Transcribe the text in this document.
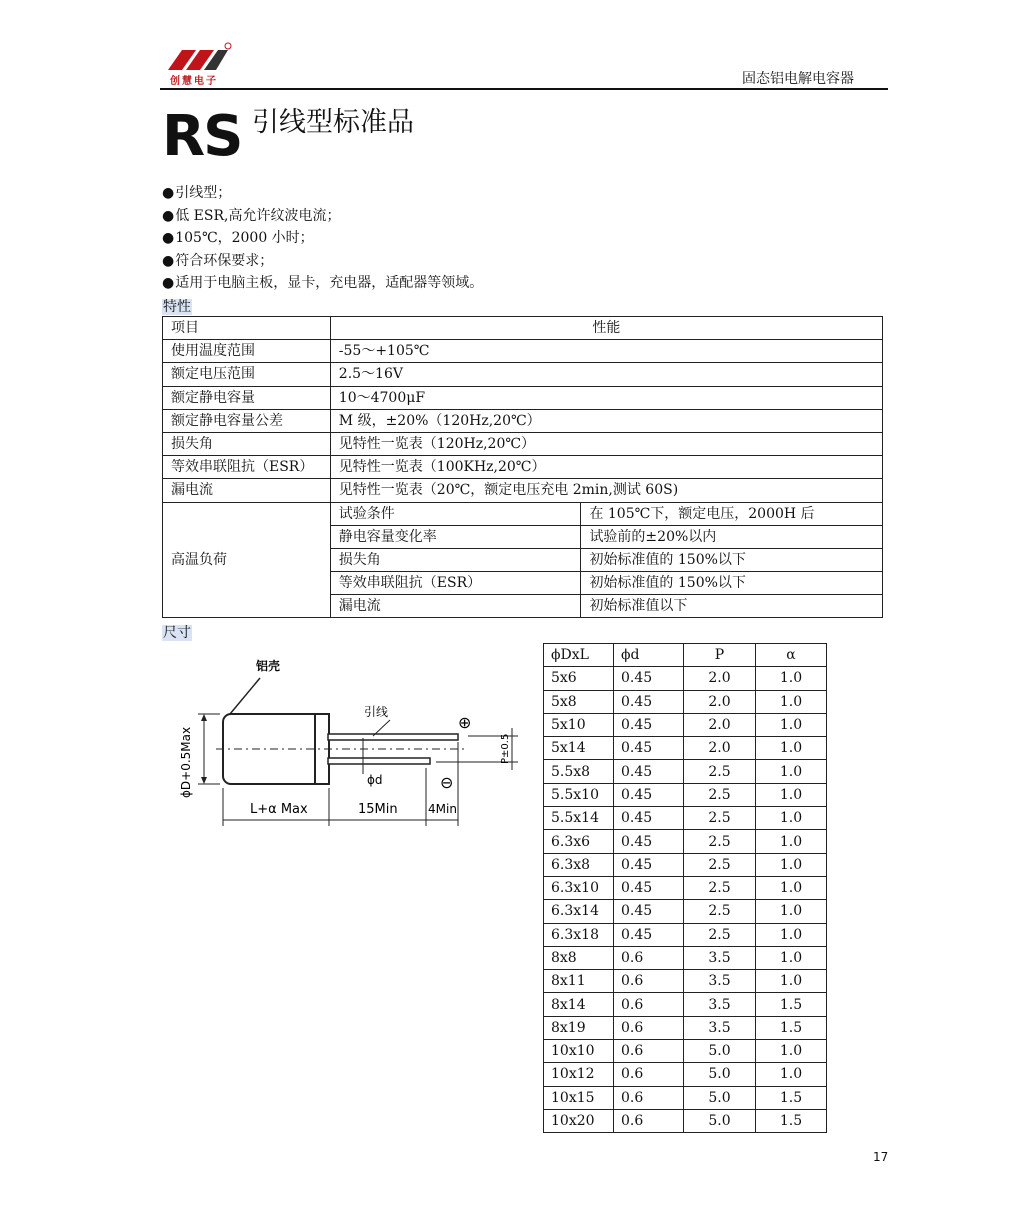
创慧电子	固态铝电解电容器
RS 引线型标准品
● 引线型；
● 低 ESR,高允许纹波电流；
● 105℃，2000 小时；
● 符合环保要求；
● 适用于电脑主板，显卡，充电器，适配器等领域。
特性
项目	性能	
使用温度范围	-55～+105℃	
额定电压范围	2.5～16V	
额定静电容量	10～4700μF	
额定静电容量公差	M 级，±20%（120Hz,20℃）	
损失角	见特性一览表（120Hz,20℃）	
等效串联阻抗（ESR）	见特性一览表（100KHz,20℃）	
漏电流	见特性一览表（20℃，额定电压充电 2min,测试 60S)	
高温负荷	试验条件	在 105℃下，额定电压，2000H 后
	静电容量变化率	试验前的±20%以内
	损失角	初始标准值的 150%以下
	等效串联阻抗（ESR）	初始标准值的 150%以下
	漏电流	初始标准值以下
尺寸
铝壳
引线
ϕd
⊕
⊖
ϕD+0.5Max	P±0.5
L+α Max	15Min	4Min
ϕDxL	ϕd	P	α
5x6	0.45	2.0	1.0
5x8	0.45	2.0	1.0
5x10	0.45	2.0	1.0
5x14	0.45	2.0	1.0
5.5x8	0.45	2.5	1.0
5.5x10	0.45	2.5	1.0
5.5x14	0.45	2.5	1.0
6.3x6	0.45	2.5	1.0
6.3x8	0.45	2.5	1.0
6.3x10	0.45	2.5	1.0
6.3x14	0.45	2.5	1.0
6.3x18	0.45	2.5	1.0
8x8	0.6	3.5	1.0
8x11	0.6	3.5	1.0
8x14	0.6	3.5	1.5
8x19	0.6	3.5	1.5
10x10	0.6	5.0	1.0
10x12	0.6	5.0	1.0
10x15	0.6	5.0	1.5
10x20	0.6	5.0	1.5
17
